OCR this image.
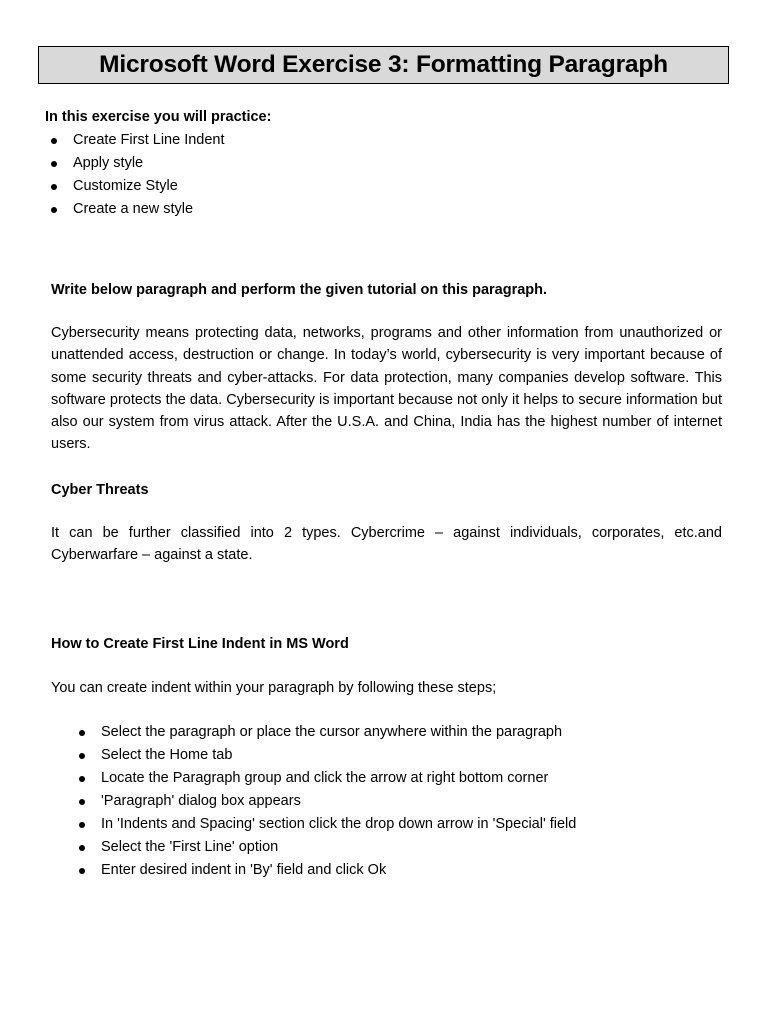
Microsoft Word Exercise 3: Formatting Paragraph
In this exercise you will practice:
Create First Line Indent
Apply style
Customize Style
Create a new style
Write below paragraph and perform the given tutorial on this paragraph.
Cybersecurity means protecting data, networks, programs and other information from unauthorized or unattended access, destruction or change. In today’s world, cybersecurity is very important because of some security threats and cyber-attacks. For data protection, many companies develop software. This software protects the data. Cybersecurity is important because not only it helps to secure information but also our system from virus attack. After the U.S.A. and China, India has the highest number of internet users.
Cyber Threats
It can be further classified into 2 types. Cybercrime – against individuals, corporates, etc.and Cyberwarfare – against a state.
How to Create First Line Indent in MS Word
You can create indent within your paragraph by following these steps;
Select the paragraph or place the cursor anywhere within the paragraph
Select the Home tab
Locate the Paragraph group and click the arrow at right bottom corner
'Paragraph' dialog box appears
In 'Indents and Spacing' section click the drop down arrow in 'Special' field
Select the 'First Line' option
Enter desired indent in 'By' field and click Ok
